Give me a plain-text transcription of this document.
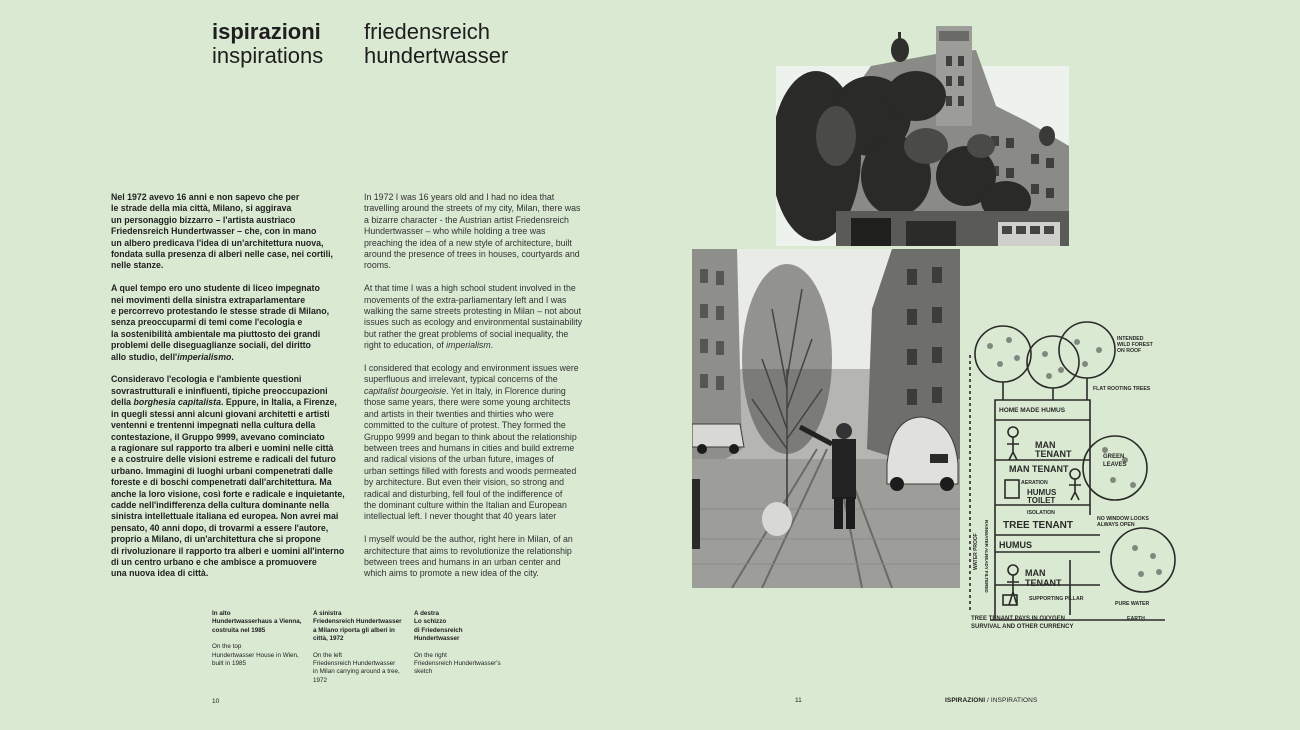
ispirazioni
inspirations
friedensreich
hundertwasser

Nel 1972 avevo 16 anni e non sapevo che per
le strade della mia città, Milano, si aggirava
un personaggio bizzarro – l'artista austriaco
Friedensreich Hundertwasser – che, con in mano
un albero predicava l'idea di un'architettura nuova,
fondata sulla presenza di alberi nelle case, nei cortili,
nelle stanze.

A quel tempo ero uno studente di liceo impegnato
nei movimenti della sinistra extraparlamentare
e percorrevo protestando le stesse strade di Milano,
senza preoccuparmi di temi come l'ecologia e
la sostenibilità ambientale ma piuttosto dei grandi
problemi delle diseguaglianze sociali, del diritto
allo studio, dell'imperialismo.

Consideravo l'ecologia e l'ambiente questioni
sovrastrutturali e ininfluenti, tipiche preoccupazioni
della borghesia capitalista. Eppure, in Italia, a Firenze,
in quegli stessi anni alcuni giovani architetti e artisti
ventenni e trentenni impegnati nella cultura della
contestazione, il Gruppo 9999, avevano cominciato
a ragionare sul rapporto tra alberi e uomini nelle città
e a costruire delle visioni estreme e radicali del futuro
urbano. Immagini di luoghi urbani compenetrati dalle
foreste e di boschi compenetrati dall'architettura. Ma
anche la loro visione, così forte e radicale e inquietante,
cadde nell'indifferenza della cultura dominante nella
sinistra intellettuale italiana ed europea. Non avrei mai
pensato, 40 anni dopo, di trovarmi a essere l'autore,
proprio a Milano, di un'architettura che si propone
di rivoluzionare il rapporto tra alberi e uomini all'interno
di un centro urbano e che ambisce a promuovere
una nuova idea di città.

In 1972 I was 16 years old and I had no idea that
travelling around the streets of my city, Milan, there was
a bizarre character - the Austrian artist Friedensreich
Hundertwasser – who while holding a tree was
preaching the idea of a new style of architecture, built
around the presence of trees in houses, courtyards and
rooms.

At that time I was a high school student involved in the
movements of the extra-parliamentary left and I was
walking the same streets protesting in Milan – not about
issues such as ecology and environmental sustainability
but rather the great problems of social inequality, the
right to education, of imperialism.

I considered that ecology and environment issues were
superfluous and irrelevant, typical concerns of the
capitalist bourgeoisie. Yet in Italy, in Florence during
those same years, there were some young architects
and artists in their twenties and thirties who were
committed to the culture of protest. They formed the
Gruppo 9999 and began to think about the relationship
between trees and humans in cities and build extreme
and radical visions of the urban future, images of
urban settings filled with forests and woods permeated
by architecture. But even their vision, so strong and
radical and disturbing, fell foul of the indifference of
the dominant culture within the Italian and European
intellectual left. I never thought that 40 years later

I myself would be the author, right here in Milan, of an
architecture that aims to revolutionize the relationship
between trees and humans in an urban center and
which aims to promote a new idea of the city.

In alto
Hundertwasserhaus a Vienna,
costruita nel 1985
On the top
Hundertwasser House in Wien,
built in 1985
A sinistra
Friedensreich Hundertwasser
a Milano riporta gli alberi in
città, 1972
On the left
Friedensreich Hundertwasser
in Milan carrying around a tree,
1972
A destra
Lo schizzo
di Friedensreich
Hundertwasser
On the right
Friedensreich Hundertwasser's
sketch
10	11	ISPIRAZIONI / INSPIRATIONS
INTENDED
WILD FOREST
ON ROOF
FLAT ROOTING TREES
HOME MADE HUMUS
MAN
TENANT
MAN TENANT
AERATION
HUMUS
TOILET
ISOLATION
TREE TENANT
GREEN
LEAVES
NO WINDOW LOOKS
ALWAYS OPEN
HUMUS
MAN
TENANT
SUPPORTING PILLAR
PURE WATER
TREE TENANT PAYS IN OXYGEN
SURVIVAL AND OTHER CURRENCY
EARTH
WATER PROOF RAINWATER ALREADY FILTERED
